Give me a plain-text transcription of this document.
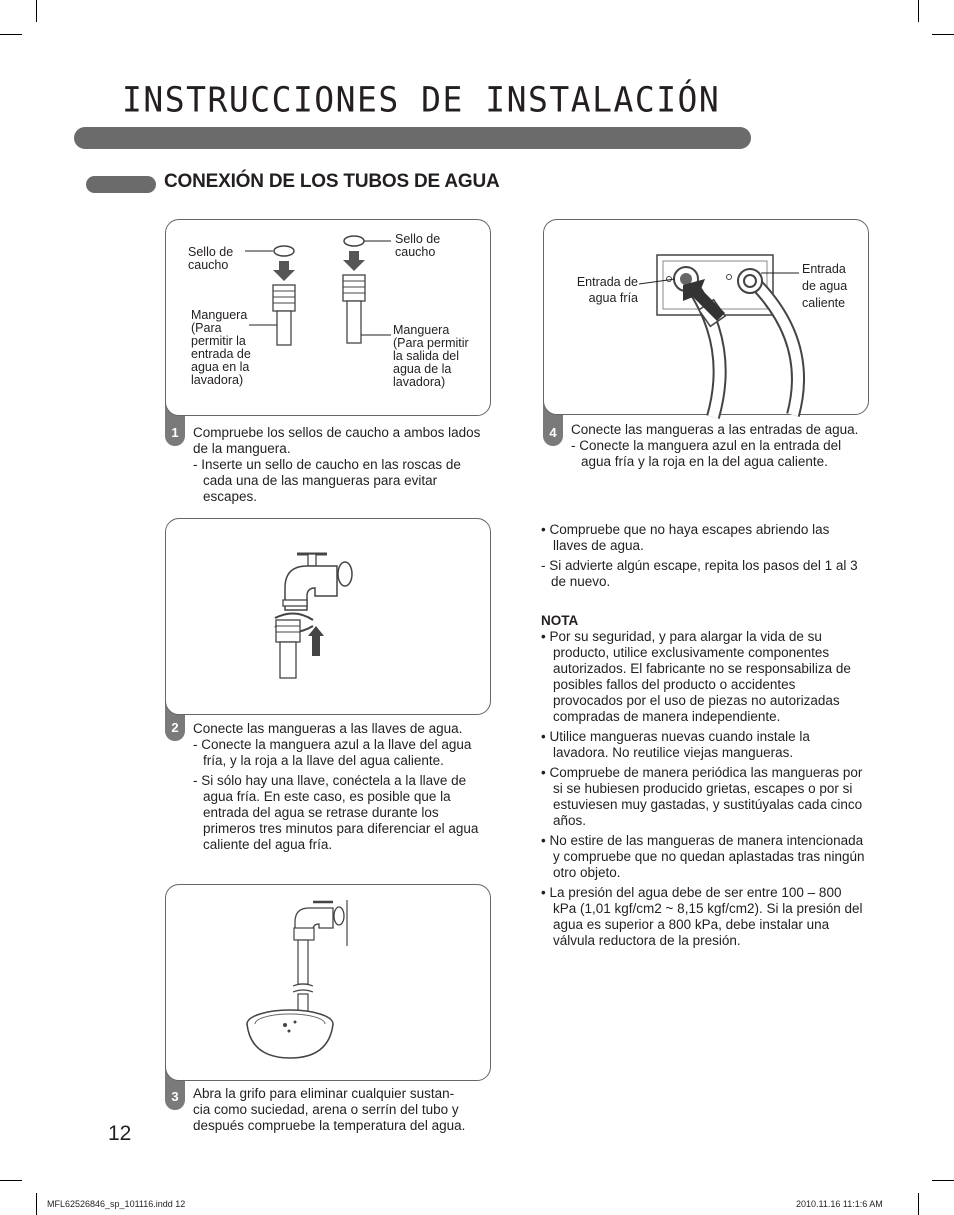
INSTRUCCIONES DE INSTALACIÓN
CONEXIÓN DE LOS TUBOS DE AGUA
1
Sello de
caucho
Sello de
caucho
Manguera
(Para
permitir la
entrada de
agua en la
lavadora)
Manguera
(Para permitir
la salida del
agua de la
lavadora)

Compruebe los sellos de caucho a ambos lados de la manguera.

- Inserte un sello de caucho en las roscas de cada una de las mangueras para evitar escapes.

2	Conecte las mangueras a las llaves de agua.

- Conecte la manguera azul a la llave del agua fría, y la roja a la llave del agua caliente.

- Si sólo hay una llave, conéctela a la llave de agua fría. En este caso, es posible que la entrada del agua se retrase durante los primeros tres minutos para diferenciar el agua caliente del agua fría.

3	Abra la grifo para eliminar cualquier sustan-
cia como suciedad, arena o serrín del tubo y
después compruebe la temperatura del agua.
4
Entrada de
agua fría
Entrada
de agua
caliente

Conecte las mangueras a las entradas de agua.

- Conecte la manguera azul en la entrada del agua fría y la roja en la del agua caliente.

• Compruebe que no haya escapes abriendo las llaves de agua.

- Si advierte algún escape, repita los pasos del 1 al 3 de nuevo.

NOTA

• Por su seguridad, y para alargar la vida de su producto, utilice exclusivamente componentes autorizados. El fabricante no se responsabiliza de posibles fallos del producto o accidentes provocados por el uso de piezas no autorizadas compradas de manera independiente.

• Utilice mangueras nuevas cuando instale la lavadora. No reutilice viejas mangueras.

• Compruebe de manera periódica las mangueras por si se hubiesen producido grietas, escapes o por si estuviesen muy gastadas, y sustitúyalas cada cinco años.

• No estire de las mangueras de manera intencionada y compruebe que no quedan aplastadas tras ningún otro objeto.

• La presión del agua debe de ser entre 100 – 800 kPa (1,01 kgf/cm2 ~ 8,15 kgf/cm2). Si la presión del agua es superior a 800 kPa, debe instalar una válvula reductora de la presión.

12
MFL62526846_sp_101116.indd 12	2010.11.16 11:1:6 AM
